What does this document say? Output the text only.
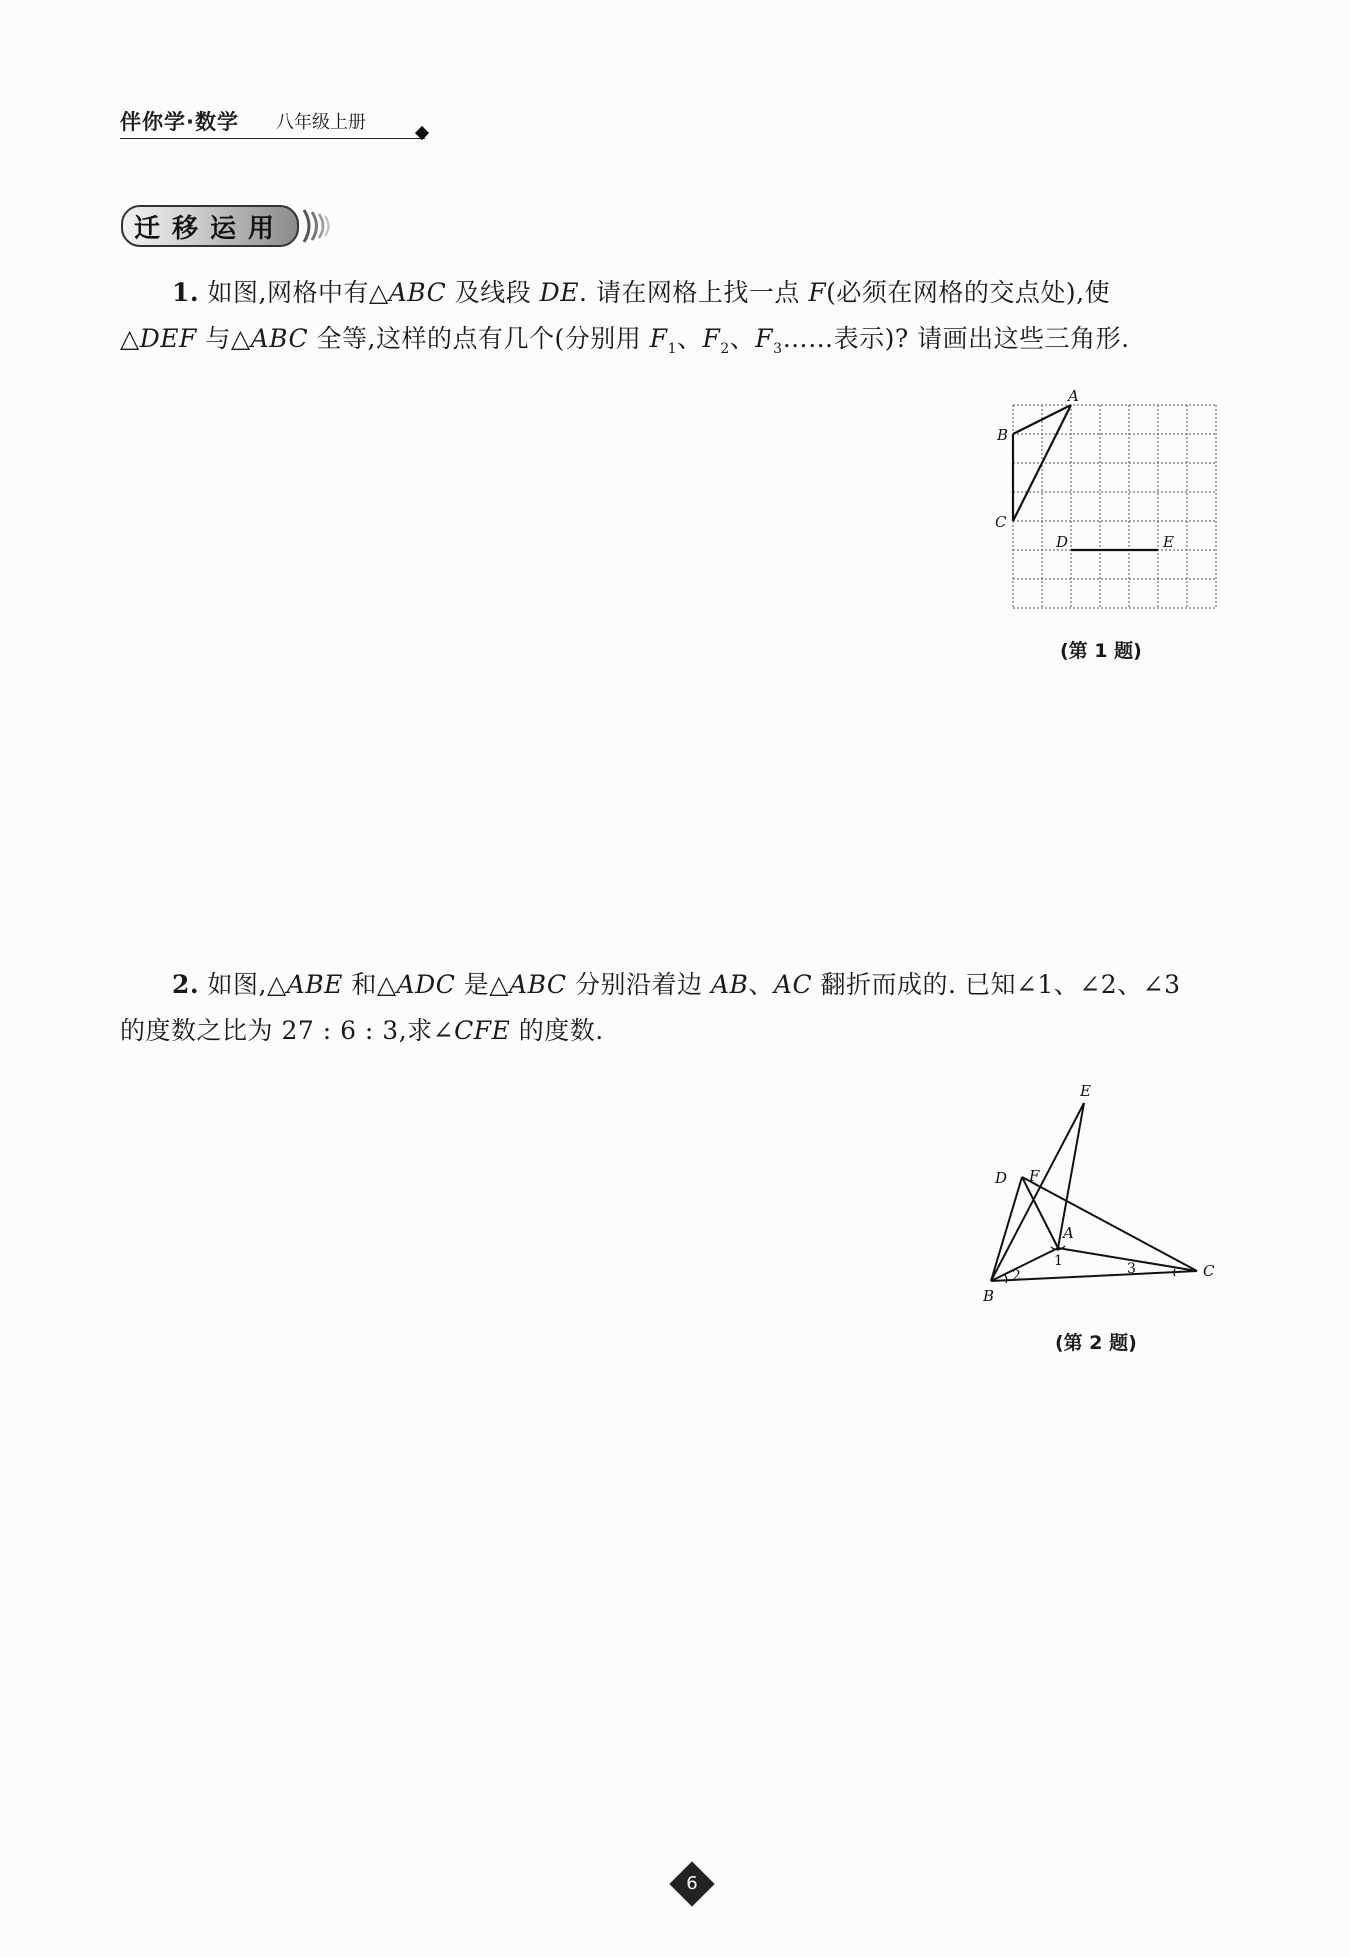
伴你学·数学 八年级上册
迁移运用
1. 如图,网格中有△ABC 及线段 DE. 请在网格上找一点 F(必须在网格的交点处),使
△DEF 与△ABC 全等,这样的点有几个(分别用 $F_1$、$F_2$、$F_3\dots\dots$表示)? 请画出这些三角形.
A
B
C
D	E
(第 1 题)
2. 如图,△ABE 和△ADC 是△ABC 分别沿着边 AB、AC 翻折而成的. 已知∠1、∠2、∠3
的度数之比为 27 : 6 : 3,求∠CFE 的度数.
E
D F
A
B
C
1
2	3
(第 2 题)
6
